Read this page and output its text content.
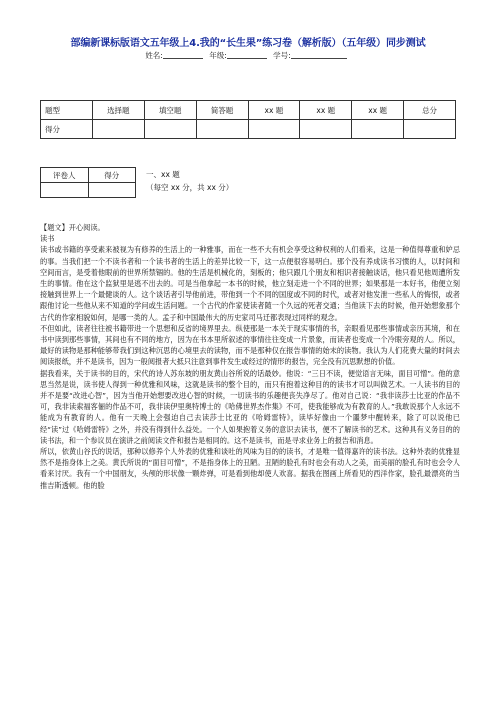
部编新课标版语文五年级上4.我的“长生果”练习卷（解析版）（五年级）同步测试
姓名:	年级:	学号:
题型	选择题	填空题	简答题	xx 题	xx 题	xx 题	总分
得分							
评卷人	得分
		一、xx 题
（每空 xx 分，共 xx 分）

【题文】开心阅读。

读书

读书或书籍的享受素来被视为有修养的生活上的一种雅事，而在一些不大有机会享受这种权利的人们看来，这是一种值得尊重和妒忌的事。当我们把一个不读书者和一个读书者的生活上的差异比较一下，这一点便很容易明白。那个没有养成读书习惯的人，以时间和空间而言，是受着他眼前的世界所禁锢的。他的生活是机械化的，刻板的；他只跟几个朋友和相识者接触谈话，他只看见他周遭所发生的事情。他在这个监狱里是逃不出去的。可是当他拿起一本书的时候，他立刻走进一个不同的世界；如果那是一本好书，他便立刻接触到世界上一个最健谈的人。这个谈话者引导他前进，带他到一个不同的国度或不同的时代，或者对他发泄一些私人的悔恨，或者跟他讨论一些他从来不知道的学问或生活问题。一个古代的作家使读者随一个久远的死者交通；当他读下去的时候，他开始想象那个古代的作家相貌如何，是哪一类的人。孟子和中国最伟大的历史家司马迁都表现过同样的观念。

不但如此，读者往往被书籍带进一个思想和反省的境界里去。纵使那是一本关于现实事情的书，亲眼看见那些事情或亲历其境，和在书中读到那些事情，其间也有不同的地方，因为在书本里所叙述的事情往往变成一片景象，而读者也变成一个冷眼旁观的人。所以，最好的读物是那种能够带我们到这种沉思的心境里去的读物，而不是那种仅在报告事情的始末的读物。我认为人们花费大量的时间去阅读报纸，并不是读书，因为一般阅报者大抵只注意到事件发生或经过的情形的报告，完全没有沉思默想的价值。

据我看来，关于读书的目的，宋代的诗人苏东坡的朋友黄山谷所说的话最妙。他说：“三日不读，便觉语言无味，面目可憎”。他的意思当然是说，读书使人得到一种优雅和风味，这就是读书的整个目的，而只有抱着这种目的的读书才可以叫做艺术。一人读书的目的并不是要“改进心智”，因为当他开始想要改进心智的时候，一切读书的乐趣便丧失净尽了。他对自己说：“我非读莎士比亚的作品不可，我非读索福客俪的作品不可，我非读伊里奥特博士的《哈佛世界杰作集》不可，使我能够成为有教育的人。”我敢说那个人永远不能成为有教育的人。他有一天晚上会强迫自己去读莎士比亚的《哈姆雷特》，读毕好像由一个噩梦中醒转来，除了可以说他已经“读”过《哈姆雷特》之外，并没有得到什么益处。一个人如果抱着义务的意识去读书，便不了解读书的艺术。这种具有义务目的的读书法，和一个参议员在演讲之前阅读文件和报告是相同的。这不是读书，而是寻求业务上的报告和消息。

所以，依黄山谷氏的说话，那种以修养个人外表的优雅和谈吐的风味为目的的读书，才是唯一值得嘉许的读书法。这种外表的优雅显然不是指身体上之美。黄氏所说的“面目可憎”，不是指身体上的丑陋。丑陋的脸孔有时也会有动人之美，而美丽的脸孔有时也会令人看来讨厌。我有一个中国朋友，头颅的形状像一颗炸弹，可是看到他却使人欢喜。据我在图画上所看见的西洋作家，脸孔最漂亮的当推吉斯透顿。他的脸
